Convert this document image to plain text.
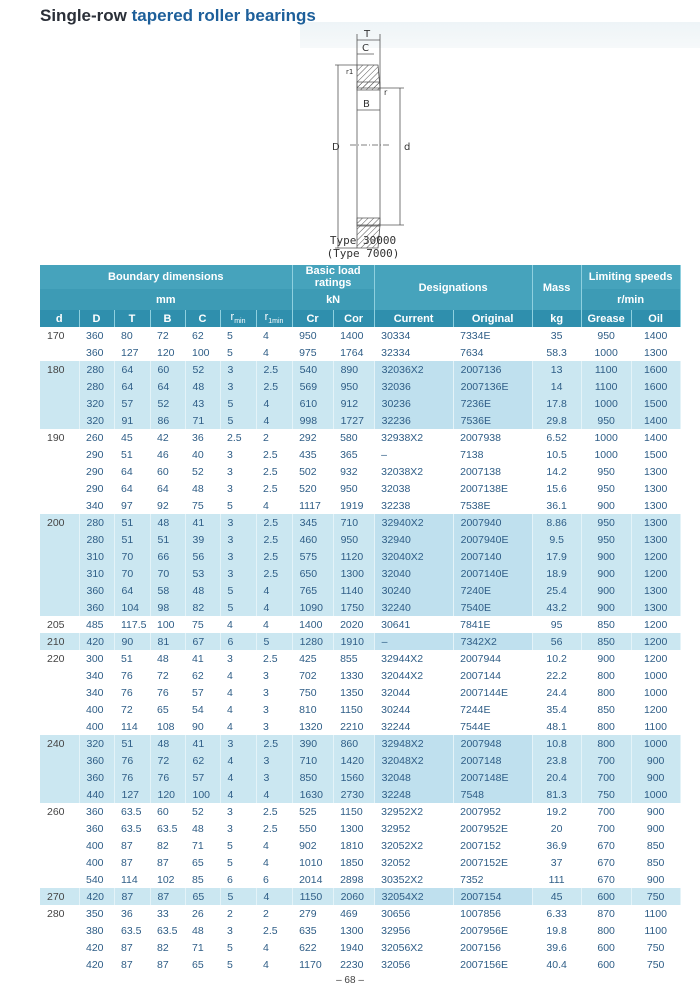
Single-row tapered roller bearings
T
C
r1
r
B
D	d
Type 30000
(Type 7000)
Boundary dimensions							Basic load ratings		Designations		Mass	Limiting speeds	
mm							kN					r/min	
d	D	T	B	C	$r_{min}$	$r_{1min}$	Cr	Cor	Current	Original	kg	Grease	Oil
170	360	80	72	62	5	4	950	1400	30334	7334E	35	950	1400
	360	127	120	100	5	4	975	1764	32334	7634	58.3	1000	1300
180	280	64	60	52	3	2.5	540	890	32036X2	2007136	13	1100	1600
	280	64	64	48	3	2.5	569	950	32036	2007136E	14	1100	1600
	320	57	52	43	5	4	610	912	30236	7236E	17.8	1000	1500
	320	91	86	71	5	4	998	1727	32236	7536E	29.8	950	1400
190	260	45	42	36	2.5	2	292	580	32938X2	2007938	6.52	1000	1400
	290	51	46	40	3	2.5	435	365	–	7138	10.5	1000	1500
	290	64	60	52	3	2.5	502	932	32038X2	2007138	14.2	950	1300
	290	64	64	48	3	2.5	520	950	32038	2007138E	15.6	950	1300
	340	97	92	75	5	4	1117	1919	32238	7538E	36.1	900	1300
200	280	51	48	41	3	2.5	345	710	32940X2	2007940	8.86	950	1300
	280	51	51	39	3	2.5	460	950	32940	2007940E	9.5	950	1300
	310	70	66	56	3	2.5	575	1120	32040X2	2007140	17.9	900	1200
	310	70	70	53	3	2.5	650	1300	32040	2007140E	18.9	900	1200
	360	64	58	48	5	4	765	1140	30240	7240E	25.4	900	1300
	360	104	98	82	5	4	1090	1750	32240	7540E	43.2	900	1300
205	485	117.5	100	75	4	4	1400	2020	30641	7841E	95	850	1200
210	420	90	81	67	6	5	1280	1910	–	7342X2	56	850	1200
220	300	51	48	41	3	2.5	425	855	32944X2	2007944	10.2	900	1200
	340	76	72	62	4	3	702	1330	32044X2	2007144	22.2	800	1000
	340	76	76	57	4	3	750	1350	32044	2007144E	24.4	800	1000
	400	72	65	54	4	3	810	1150	30244	7244E	35.4	850	1200
	400	114	108	90	4	3	1320	2210	32244	7544E	48.1	800	1100
240	320	51	48	41	3	2.5	390	860	32948X2	2007948	10.8	800	1000
	360	76	72	62	4	3	710	1420	32048X2	2007148	23.8	700	900
	360	76	76	57	4	3	850	1560	32048	2007148E	20.4	700	900
	440	127	120	100	4	4	1630	2730	32248	7548	81.3	750	1000
260	360	63.5	60	52	3	2.5	525	1150	32952X2	2007952	19.2	700	900
	360	63.5	63.5	48	3	2.5	550	1300	32952	2007952E	20	700	900
	400	87	82	71	5	4	902	1810	32052X2	2007152	36.9	670	850
	400	87	87	65	5	4	1010	1850	32052	2007152E	37	670	850
	540	114	102	85	6	6	2014	2898	30352X2	7352	111	670	900
270	420	87	87	65	5	4	1150	2060	32054X2	2007154	45	600	750
280	350	36	33	26	2	2	279	469	30656	1007856	6.33	870	1100
	380	63.5	63.5	48	3	2.5	635	1300	32956	2007956E	19.8	800	1100
	420	87	82	71	5	4	622	1940	32056X2	2007156	39.6	600	750
	420	87	87	65	5	4	1170	2230	32056	2007156E	40.4	600	750
– 68 –
